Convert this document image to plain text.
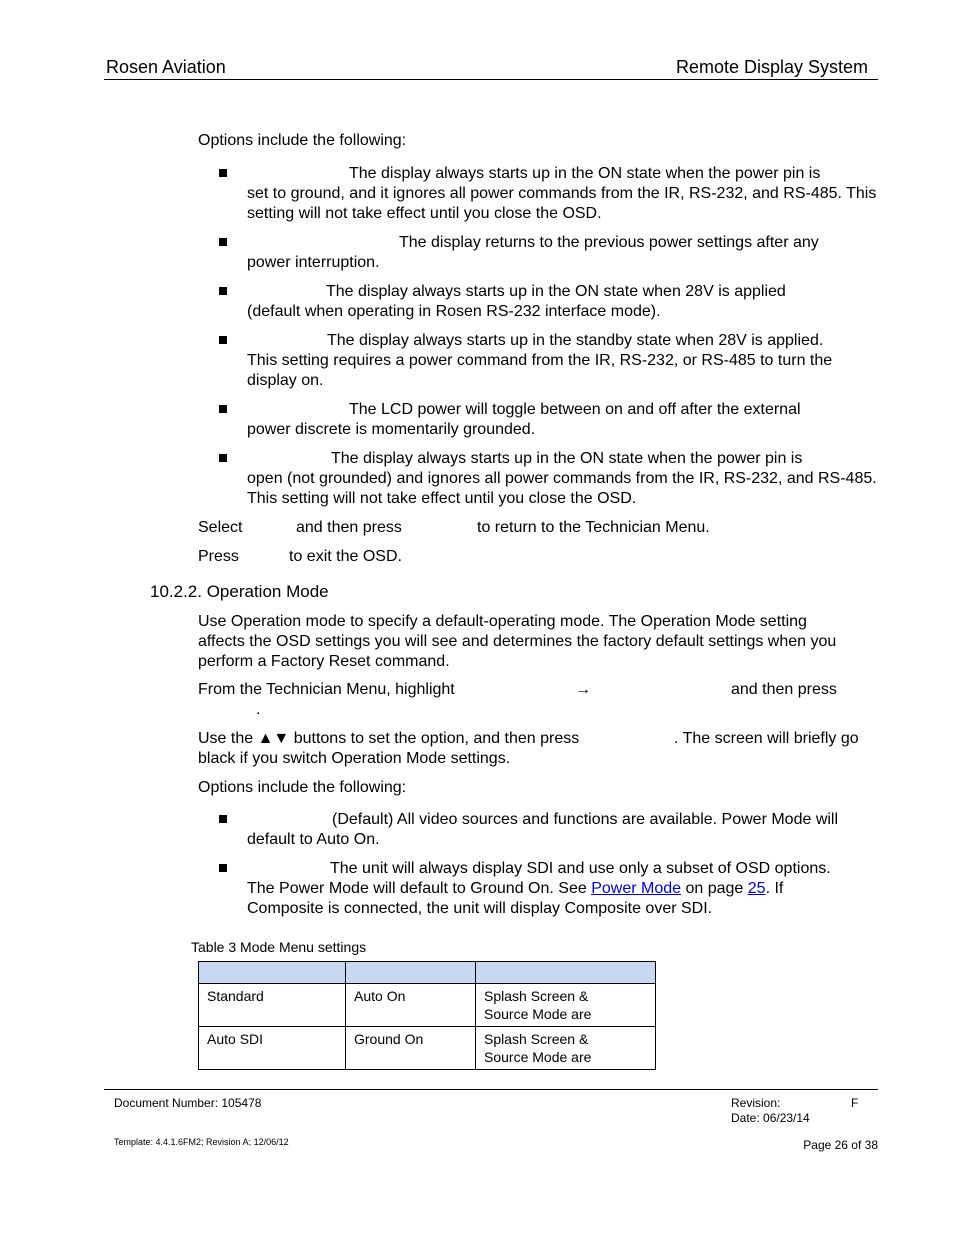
Rosen Aviation	Remote Display System
Options include the following:
The display always starts up in the ON state when the power pin is
set to ground, and it ignores all power commands from the IR, RS-232, and RS-485. This setting will not take effect until you close the OSD.
The display returns to the previous power settings after any
power interruption.
The display always starts up in the ON state when 28V is applied
(default when operating in Rosen RS-232 interface mode).
The display always starts up in the standby state when 28V is applied.
This setting requires a power command from the IR, RS-232, or RS-485 to turn the display on.
The LCD power will toggle between on and off after the external
power discrete is momentarily grounded.
The display always starts up in the ON state when the power pin is
open (not grounded) and ignores all power commands from the IR, RS-232, and RS-485. This setting will not take effect until you close the OSD.
Select	and then press	to return to the Technician Menu.
Press	to exit the OSD.
10.2.2. Operation Mode
Use Operation mode to specify a default-operating mode. The Operation Mode setting affects the OSD settings you will see and determines the factory default settings when you perform a Factory Reset command.
From the Technician Menu, highlight	→	and then press
.
Use the ▲▼ buttons to set the option, and then press	. The screen will briefly go
black if you switch Operation Mode settings.
Options include the following:
(Default) All video sources and functions are available. Power Mode will
default to Auto On.
The unit will always display SDI and use only a subset of OSD options.
The Power Mode will default to Ground On. See Power Mode on page 25. If
Composite is connected, the unit will display Composite over SDI.
Table 3 Mode Menu settings

Standard	Auto On	Splash Screen &
Source Mode are
Auto SDI	Ground On	Splash Screen &
Source Mode are
Document Number: 105478	Revision:	F
Date: 06/23/14
Template: 4.4.1.6FM2; Revision A; 12/06/12	Page 26 of 38
